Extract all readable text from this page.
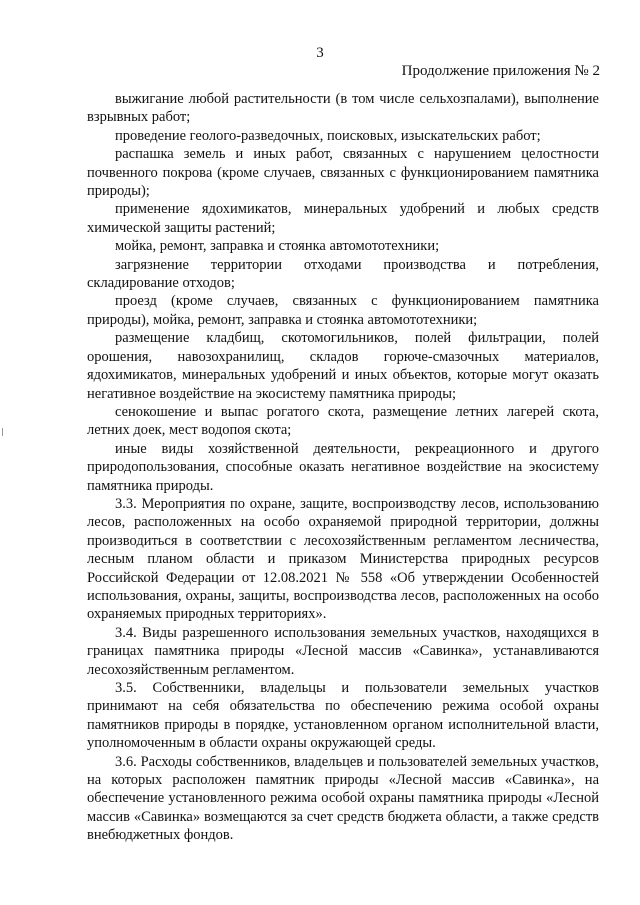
3
Продолжение приложения № 2

выжигание любой растительности (в том числе сельхозпалами), выполнение взрывных работ;

проведение геолого-разведочных, поисковых, изыскательских работ;

распашка земель и иных работ, связанных с нарушением целостности почвенного покрова (кроме случаев, связанных с функционированием памятника природы);

применение ядохимикатов, минеральных удобрений и любых средств химической защиты растений;

мойка, ремонт, заправка и стоянка автомототехники;

загрязнение территории отходами производства и потребления, складирование отходов;

проезд (кроме случаев, связанных с функционированием памятника природы), мойка, ремонт, заправка и стоянка автомототехники;

размещение кладбищ, скотомогильников, полей фильтрации, полей орошения, навозохранилищ, складов горюче-смазочных материалов, ядохимикатов, минеральных удобрений и иных объектов, которые могут оказать негативное воздействие на экосистему памятника природы;

сенокошение и выпас рогатого скота, размещение летних лагерей скота, летних доек, мест водопоя скота;

иные виды хозяйственной деятельности, рекреационного и другого природопользования, способные оказать негативное воздействие на экосистему памятника природы.

3.3. Мероприятия по охране, защите, воспроизводству лесов, использованию лесов, расположенных на особо охраняемой природной территории, должны производиться в соответствии с лесохозяйственным регламентом лесничества, лесным планом области и приказом Министерства природных ресурсов Российской Федерации от 12.08.2021 № 558 «Об утверждении Особенностей использования, охраны, защиты, воспроизводства лесов, расположенных на особо охраняемых природных территориях».

3.4. Виды разрешенного использования земельных участков, находящихся в границах памятника природы «Лесной массив «Савинка», устанавливаются лесохозяйственным регламентом.

3.5. Собственники, владельцы и пользователи земельных участков принимают на себя обязательства по обеспечению режима особой охраны памятников природы в порядке, установленном органом исполнительной власти, уполномоченным в области охраны окружающей среды.

3.6. Расходы собственников, владельцев и пользователей земельных участков, на которых расположен памятник природы «Лесной массив «Савинка», на обеспечение установленного режима особой охраны памятника природы «Лесной массив «Савинка» возмещаются за счет средств бюджета области, а также средств внебюджетных фондов.
